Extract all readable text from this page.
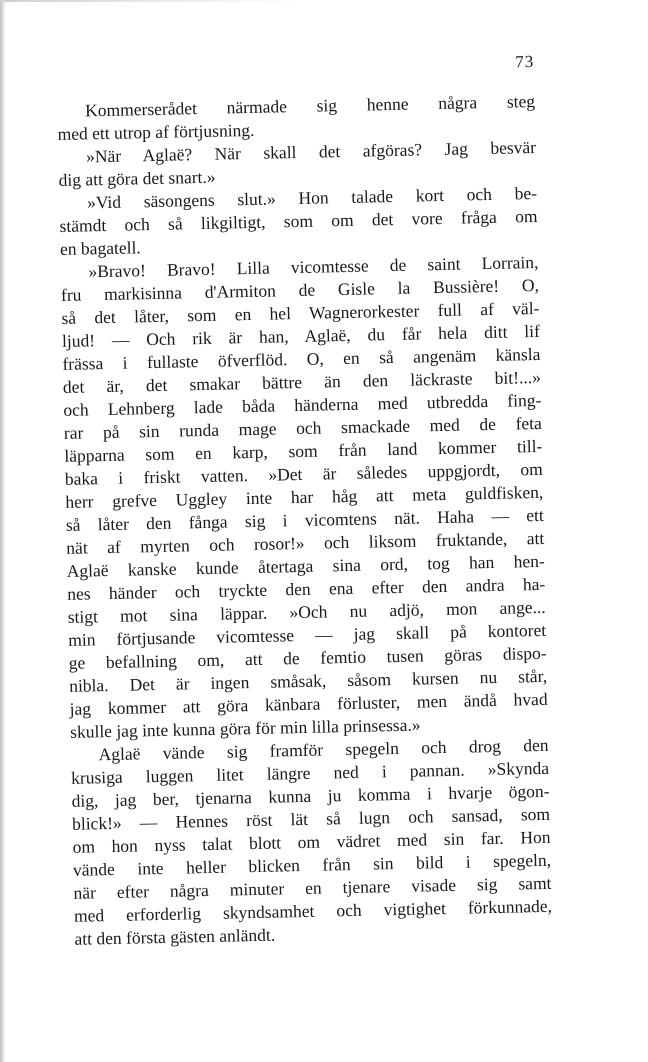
73
Kommerserådet närmade sig henne några steg
med ett utrop af förtjusning.
»När Aglaë? När skall det afgöras? Jag besvär
dig att göra det snart.»
»Vid säsongens slut.» Hon talade kort och be-
stämdt och så likgiltigt, som om det vore fråga om
en bagatell.
»Bravo! Bravo! Lilla vicomtesse de saint Lorrain,
fru markisinna d'Armiton de Gisle la Bussière! O,
så det låter, som en hel Wagnerorkester full af väl-
ljud! — Och rik är han, Aglaë, du får hela ditt lif
frässa i fullaste öfverflöd. O, en så angenäm känsla
det är, det smakar bättre än den läckraste bit!...»
och Lehnberg lade båda händerna med utbredda fing-
rar på sin runda mage och smackade med de feta
läpparna som en karp, som från land kommer till-
baka i friskt vatten. »Det är således uppgjordt, om
herr grefve Uggley inte har håg att meta guldfisken,
så låter den fånga sig i vicomtens nät. Haha — ett
nät af myrten och rosor!» och liksom fruktande, att
Aglaë kanske kunde återtaga sina ord, tog han hen-
nes händer och tryckte den ena efter den andra ha-
stigt mot sina läppar. »Och nu adjö, mon ange...
min förtjusande vicomtesse — jag skall på kontoret
ge befallning om, att de femtio tusen göras dispo-
nibla. Det är ingen småsak, såsom kursen nu står,
jag kommer att göra känbara förluster, men ändå hvad
skulle jag inte kunna göra för min lilla prinsessa.»
Aglaë vände sig framför spegeln och drog den
krusiga luggen litet längre ned i pannan. »Skynda
dig, jag ber, tjenarna kunna ju komma i hvarje ögon-
blick!» — Hennes röst lät så lugn och sansad, som
om hon nyss talat blott om vädret med sin far. Hon
vände inte heller blicken från sin bild i spegeln,
när efter några minuter en tjenare visade sig samt
med erforderlig skyndsamhet och vigtighet förkunnade,
att den första gästen anländt.
